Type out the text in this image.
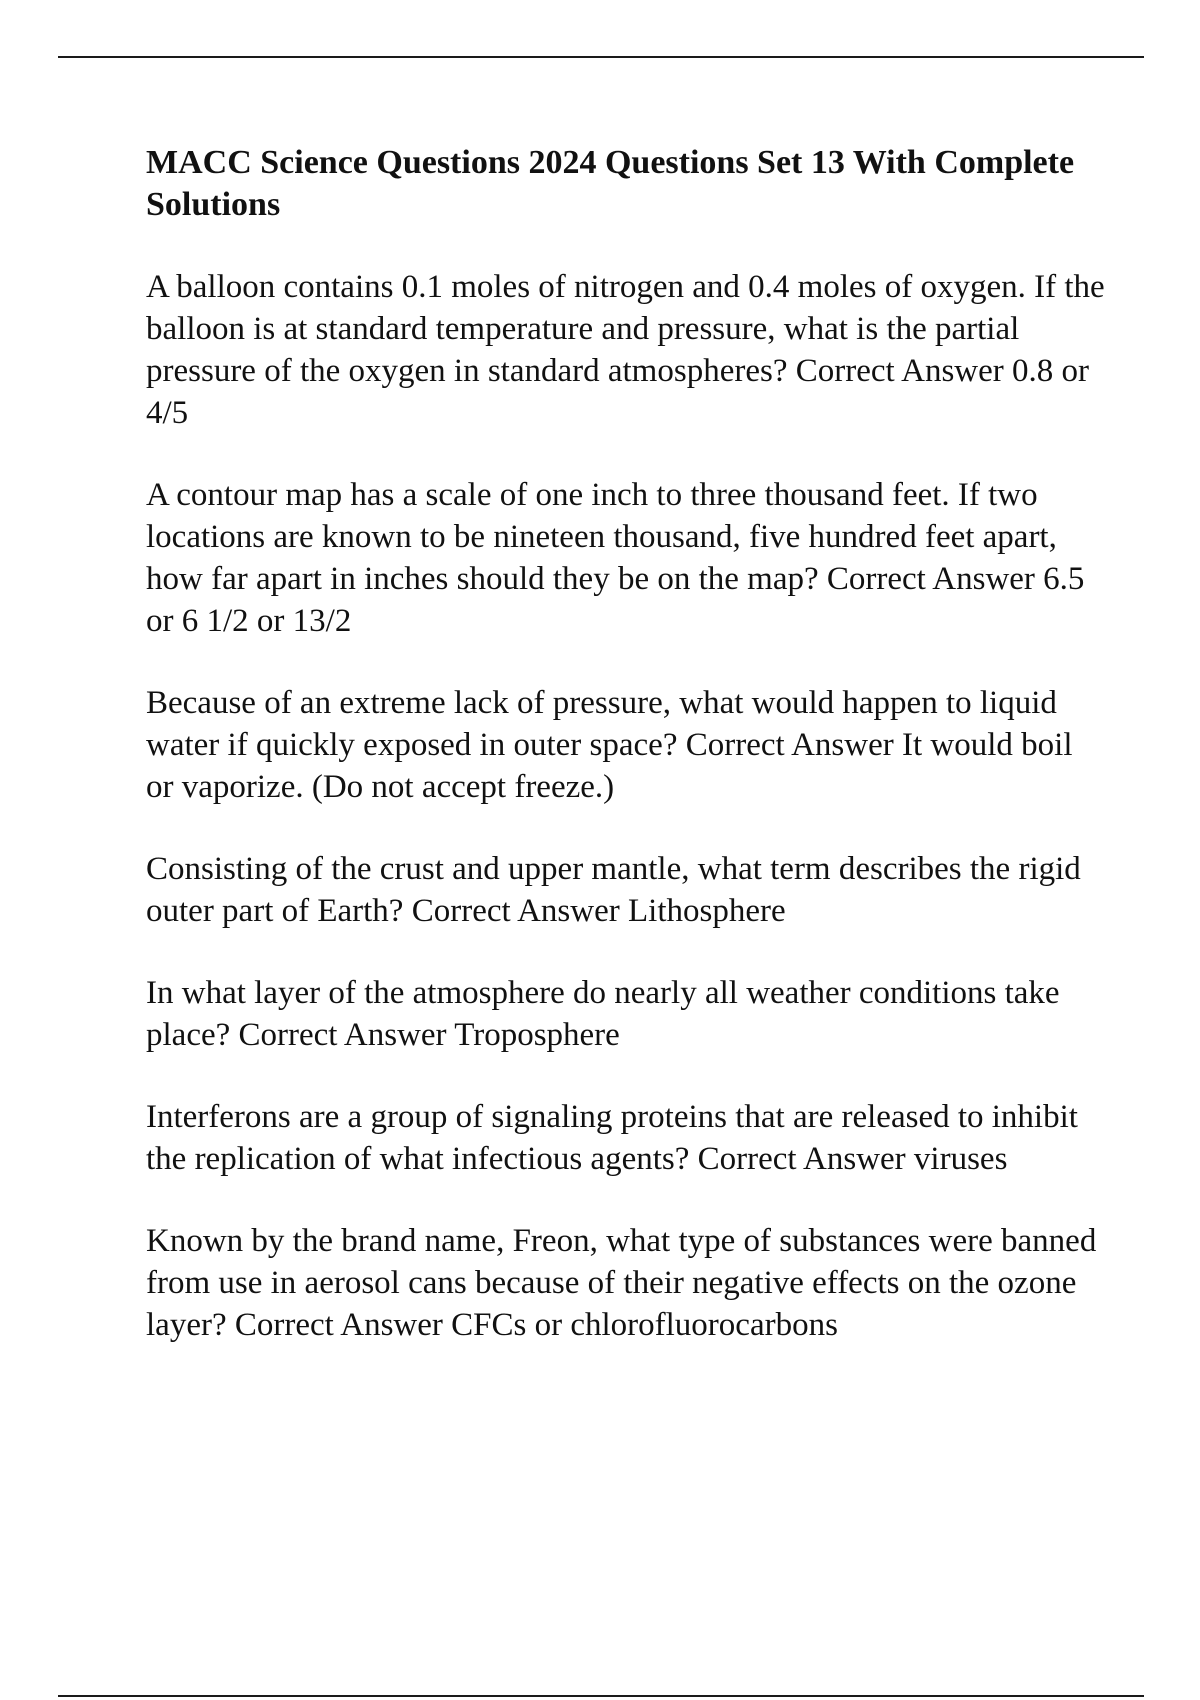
MACC Science Questions 2024 Questions Set 13 With Complete Solutions

A balloon contains 0.1 moles of nitrogen and 0.4 moles of oxygen. If the balloon is at standard temperature and pressure, what is the partial pressure of the oxygen in standard atmospheres? Correct Answer 0.8 or 4/5

A contour map has a scale of one inch to three thousand feet. If two locations are known to be nineteen thousand, five hundred feet apart, how far apart in inches should they be on the map? Correct Answer 6.5 or 6 1/2 or 13/2

Because of an extreme lack of pressure, what would happen to liquid water if quickly exposed in outer space? Correct Answer It would boil or vaporize. (Do not accept freeze.)

Consisting of the crust and upper mantle, what term describes the rigid outer part of Earth? Correct Answer Lithosphere

In what layer of the atmosphere do nearly all weather conditions take place? Correct Answer Troposphere

Interferons are a group of signaling proteins that are released to inhibit the replication of what infectious agents? Correct Answer viruses

Known by the brand name, Freon, what type of substances were banned from use in aerosol cans because of their negative effects on the ozone layer? Correct Answer CFCs or chlorofluorocarbons
